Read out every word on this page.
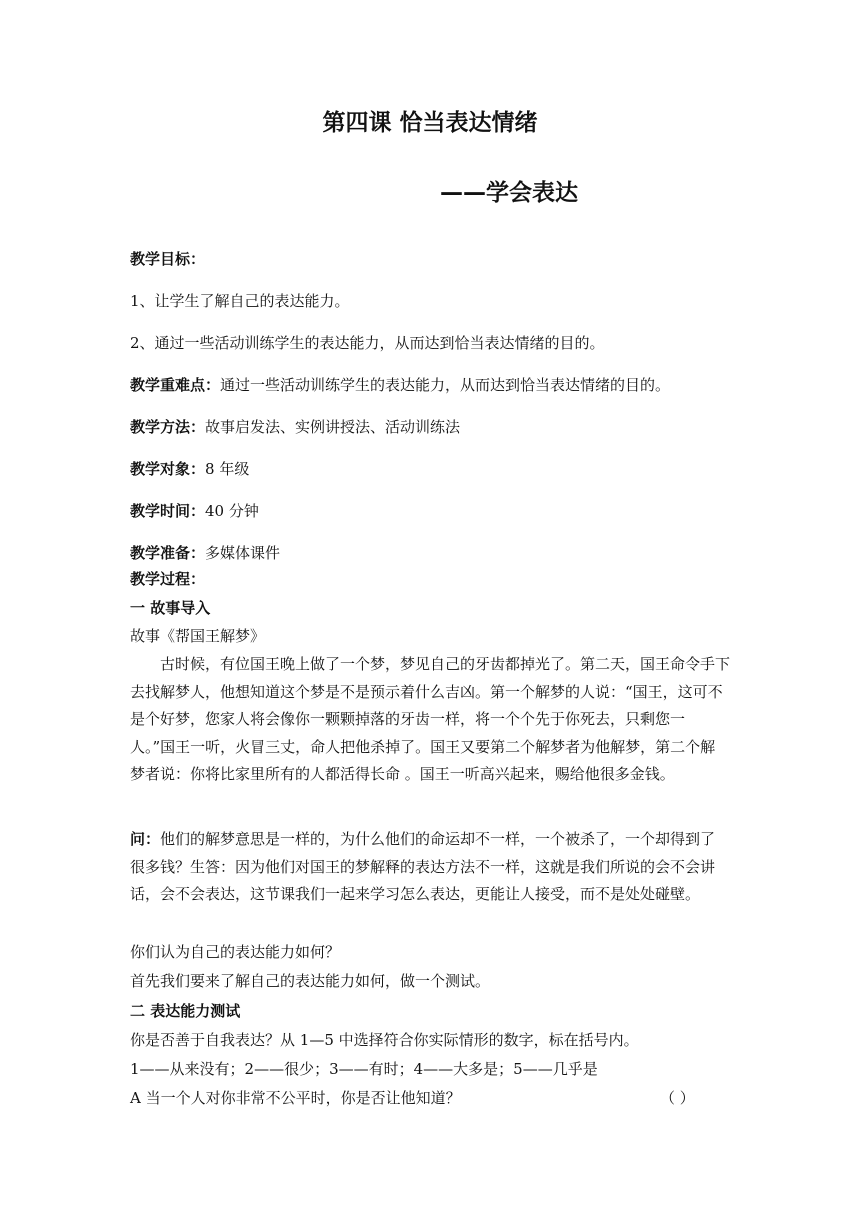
第四课 恰当表达情绪
——学会表达
教学目标：
1、让学生了解自己的表达能力。
2、通过一些活动训练学生的表达能力，从而达到恰当表达情绪的目的。
教学重难点：通过一些活动训练学生的表达能力，从而达到恰当表达情绪的目的。
教学方法：故事启发法、实例讲授法、活动训练法
教学对象：8 年级
教学时间：40 分钟
教学准备：多媒体课件
教学过程：
一 故事导入
故事《帮国王解梦》
古时候，有位国王晚上做了一个梦，梦见自己的牙齿都掉光了。第二天，国王命令手下去找解梦人，他想知道这个梦是不是预示着什么吉凶。第一个解梦的人说：“国王，这可不是个好梦，您家人将会像你一颗颗掉落的牙齿一样，将一个个先于你死去，只剩您一人。”国王一听，火冒三丈，命人把他杀掉了。国王又要第二个解梦者为他解梦，第二个解梦者说：你将比家里所有的人都活得长命 。国王一听高兴起来，赐给他很多金钱。
问：他们的解梦意思是一样的，为什么他们的命运却不一样，一个被杀了，一个却得到了很多钱？生答：因为他们对国王的梦解释的表达方法不一样，这就是我们所说的会不会讲话，会不会表达，这节课我们一起来学习怎么表达，更能让人接受，而不是处处碰壁。
你们认为自己的表达能力如何？
首先我们要来了解自己的表达能力如何，做一个测试。
二 表达能力测试
你是否善于自我表达？从 1—5 中选择符合你实际情形的数字，标在括号内。
1——从来没有；2——很少；3——有时；4——大多是；5——几乎是
A 当一个人对你非常不公平时，你是否让他知道？	（ ）
